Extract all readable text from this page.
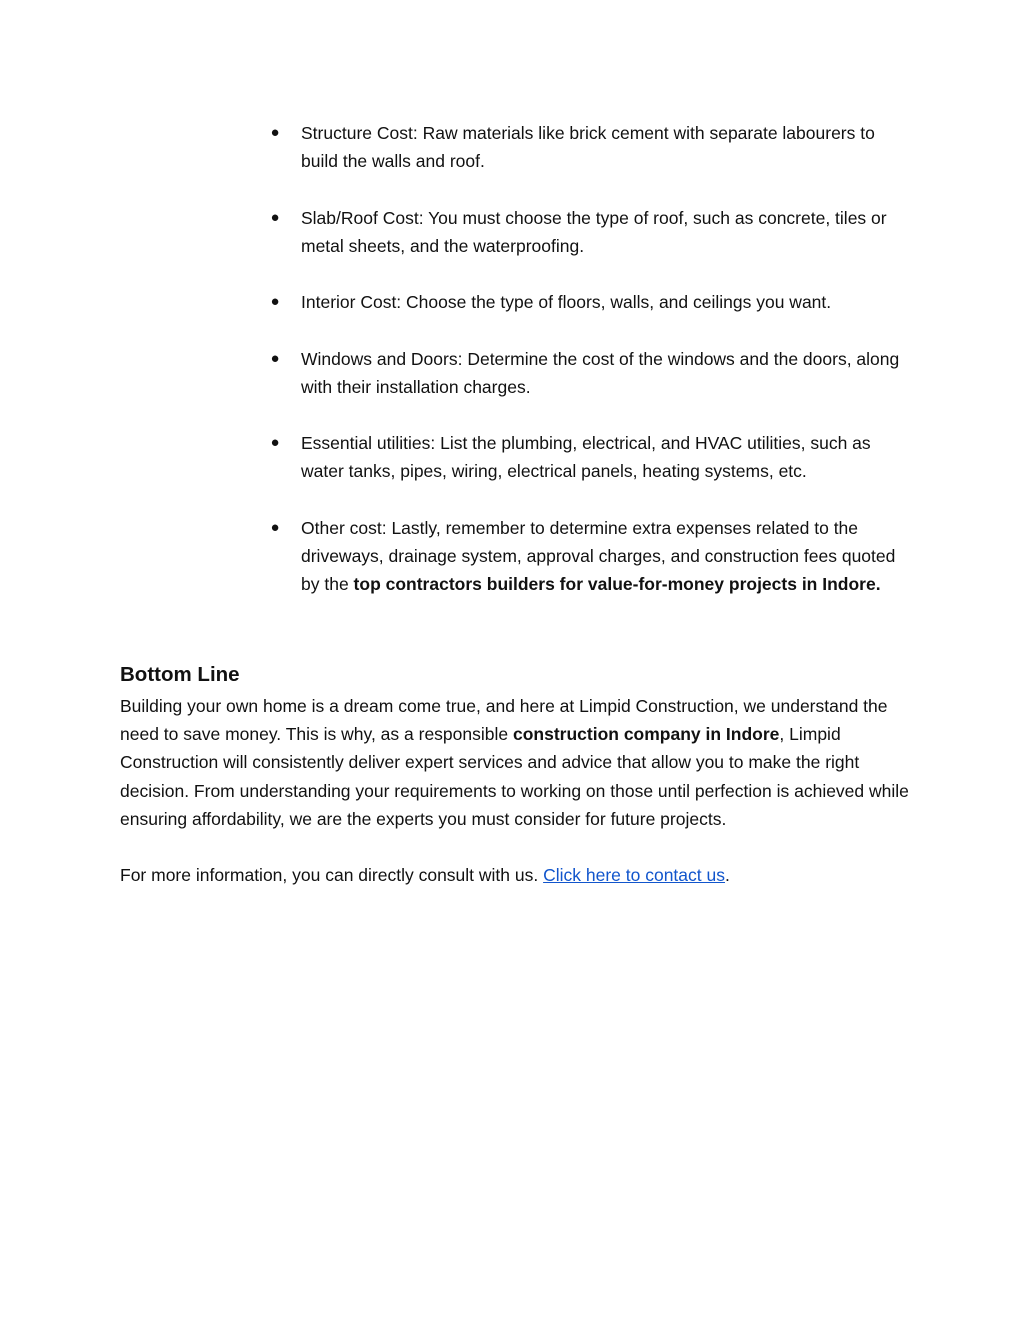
● Structure Cost: Raw materials like brick cement with separate labourers to build the walls and roof.
● Slab/Roof Cost: You must choose the type of roof, such as concrete, tiles or metal sheets, and the waterproofing.
● Interior Cost: Choose the type of floors, walls, and ceilings you want.
● Windows and Doors: Determine the cost of the windows and the doors, along with their installation charges.
● Essential utilities: List the plumbing, electrical, and HVAC utilities, such as water tanks, pipes, wiring, electrical panels, heating systems, etc.
● Other cost: Lastly, remember to determine extra expenses related to the driveways, drainage system, approval charges, and construction fees quoted by the top contractors builders for value-for-money projects in Indore.
Bottom Line

Building your own home is a dream come true, and here at Limpid Construction, we understand the need to save money. This is why, as a responsible construction company in Indore, Limpid Construction will consistently deliver expert services and advice that allow you to make the right decision. From understanding your requirements to working on those until perfection is achieved while ensuring affordability, we are the experts you must consider for future projects.

For more information, you can directly consult with us. Click here to contact us.
